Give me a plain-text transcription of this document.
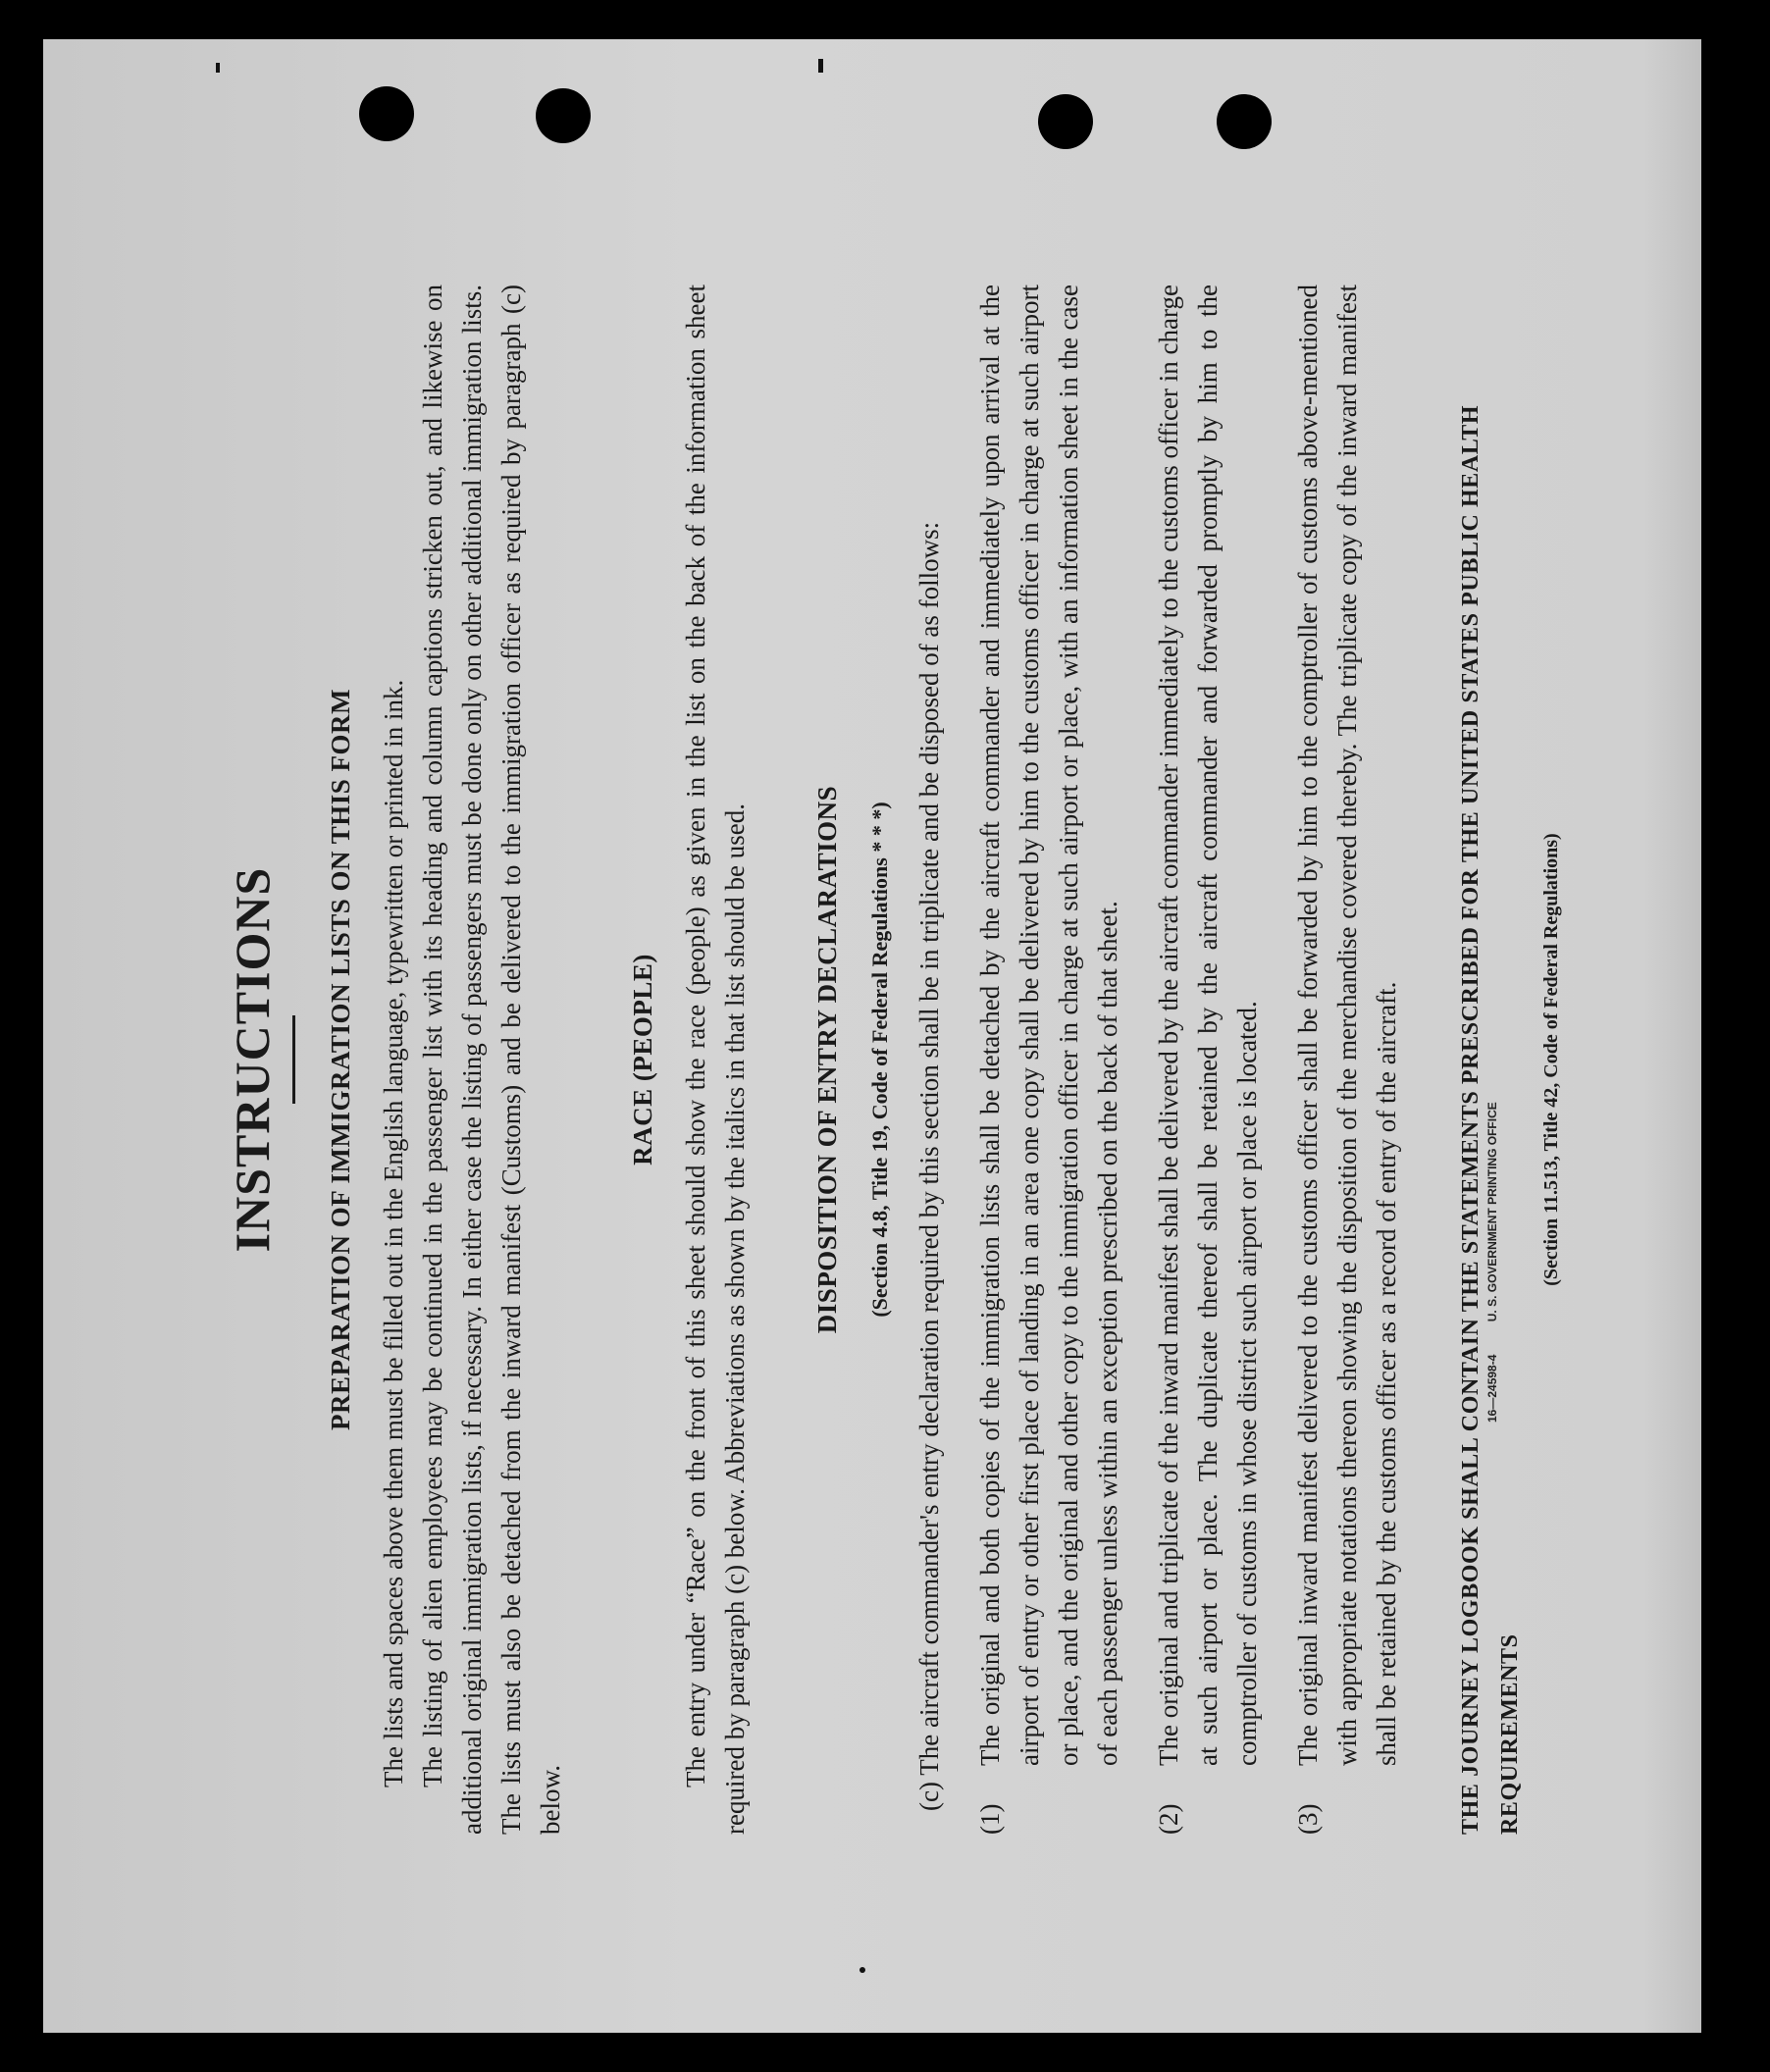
INSTRUCTIONS PREPARATION OF IMMIGRATION LISTS ON THIS FORM The lists and spaces above them must be filled out in the English language, typewritten or printed in ink. The listing of alien employees may be continued in the passenger list with its heading and column captions stricken out, and likewise on additional original immigration lists, if necessary. In either case the listing of passengers must be done only on other additional immigration lists. The lists must also be detached from the inward manifest (Customs) and be delivered to the immigration officer as required by paragraph (c) below.

RACE (PEOPLE) The entry under “Race” on the front of this sheet should show the race (people) as given in the list on the back of the information sheet required by paragraph (c) below. Abbreviations as shown by the italics in that list should be used. DISPOSITION OF ENTRY DECLARATIONS	(Section 4.8, Title 19, Code of Federal Regulations * * *) (c) The aircraft commander's entry declaration required by this section shall be in triplicate and be disposed of as follows:

(1)
The original and both copies of the immigration lists shall be detached by the aircraft commander and immediately upon arrival at the airport of entry or other first place of landing in an area one copy shall be delivered by him to the customs officer in charge at such airport or place, and the original and other copy to the immigration officer in charge at such airport or place, with an information sheet in the case of each passenger unless within an exception prescribed on the back of that sheet.
(2)
The original and triplicate of the inward manifest shall be delivered by the aircraft commander immediately to the customs officer in charge at such airport or place. The duplicate thereof shall be retained by the aircraft commander and forwarded promptly by him to the comptroller of customs in whose district such airport or place is located.
(3)
The original inward manifest delivered to the customs officer shall be forwarded by him to the comptroller of customs above-mentioned with appropriate notations thereon showing the disposition of the merchandise covered thereby. The triplicate copy of the inward manifest shall be retained by the customs officer as a record of entry of the aircraft. THE JOURNEY LOGBOOK SHALL CONTAIN THE STATEMENTS PRESCRIBED FOR THE UNITED STATES PUBLIC HEALTH REQUIREMENTS
(Section 11.513, Title 42, Code of Federal Regulations)
16—24598-4 U. S. GOVERNMENT PRINTING OFFICE
